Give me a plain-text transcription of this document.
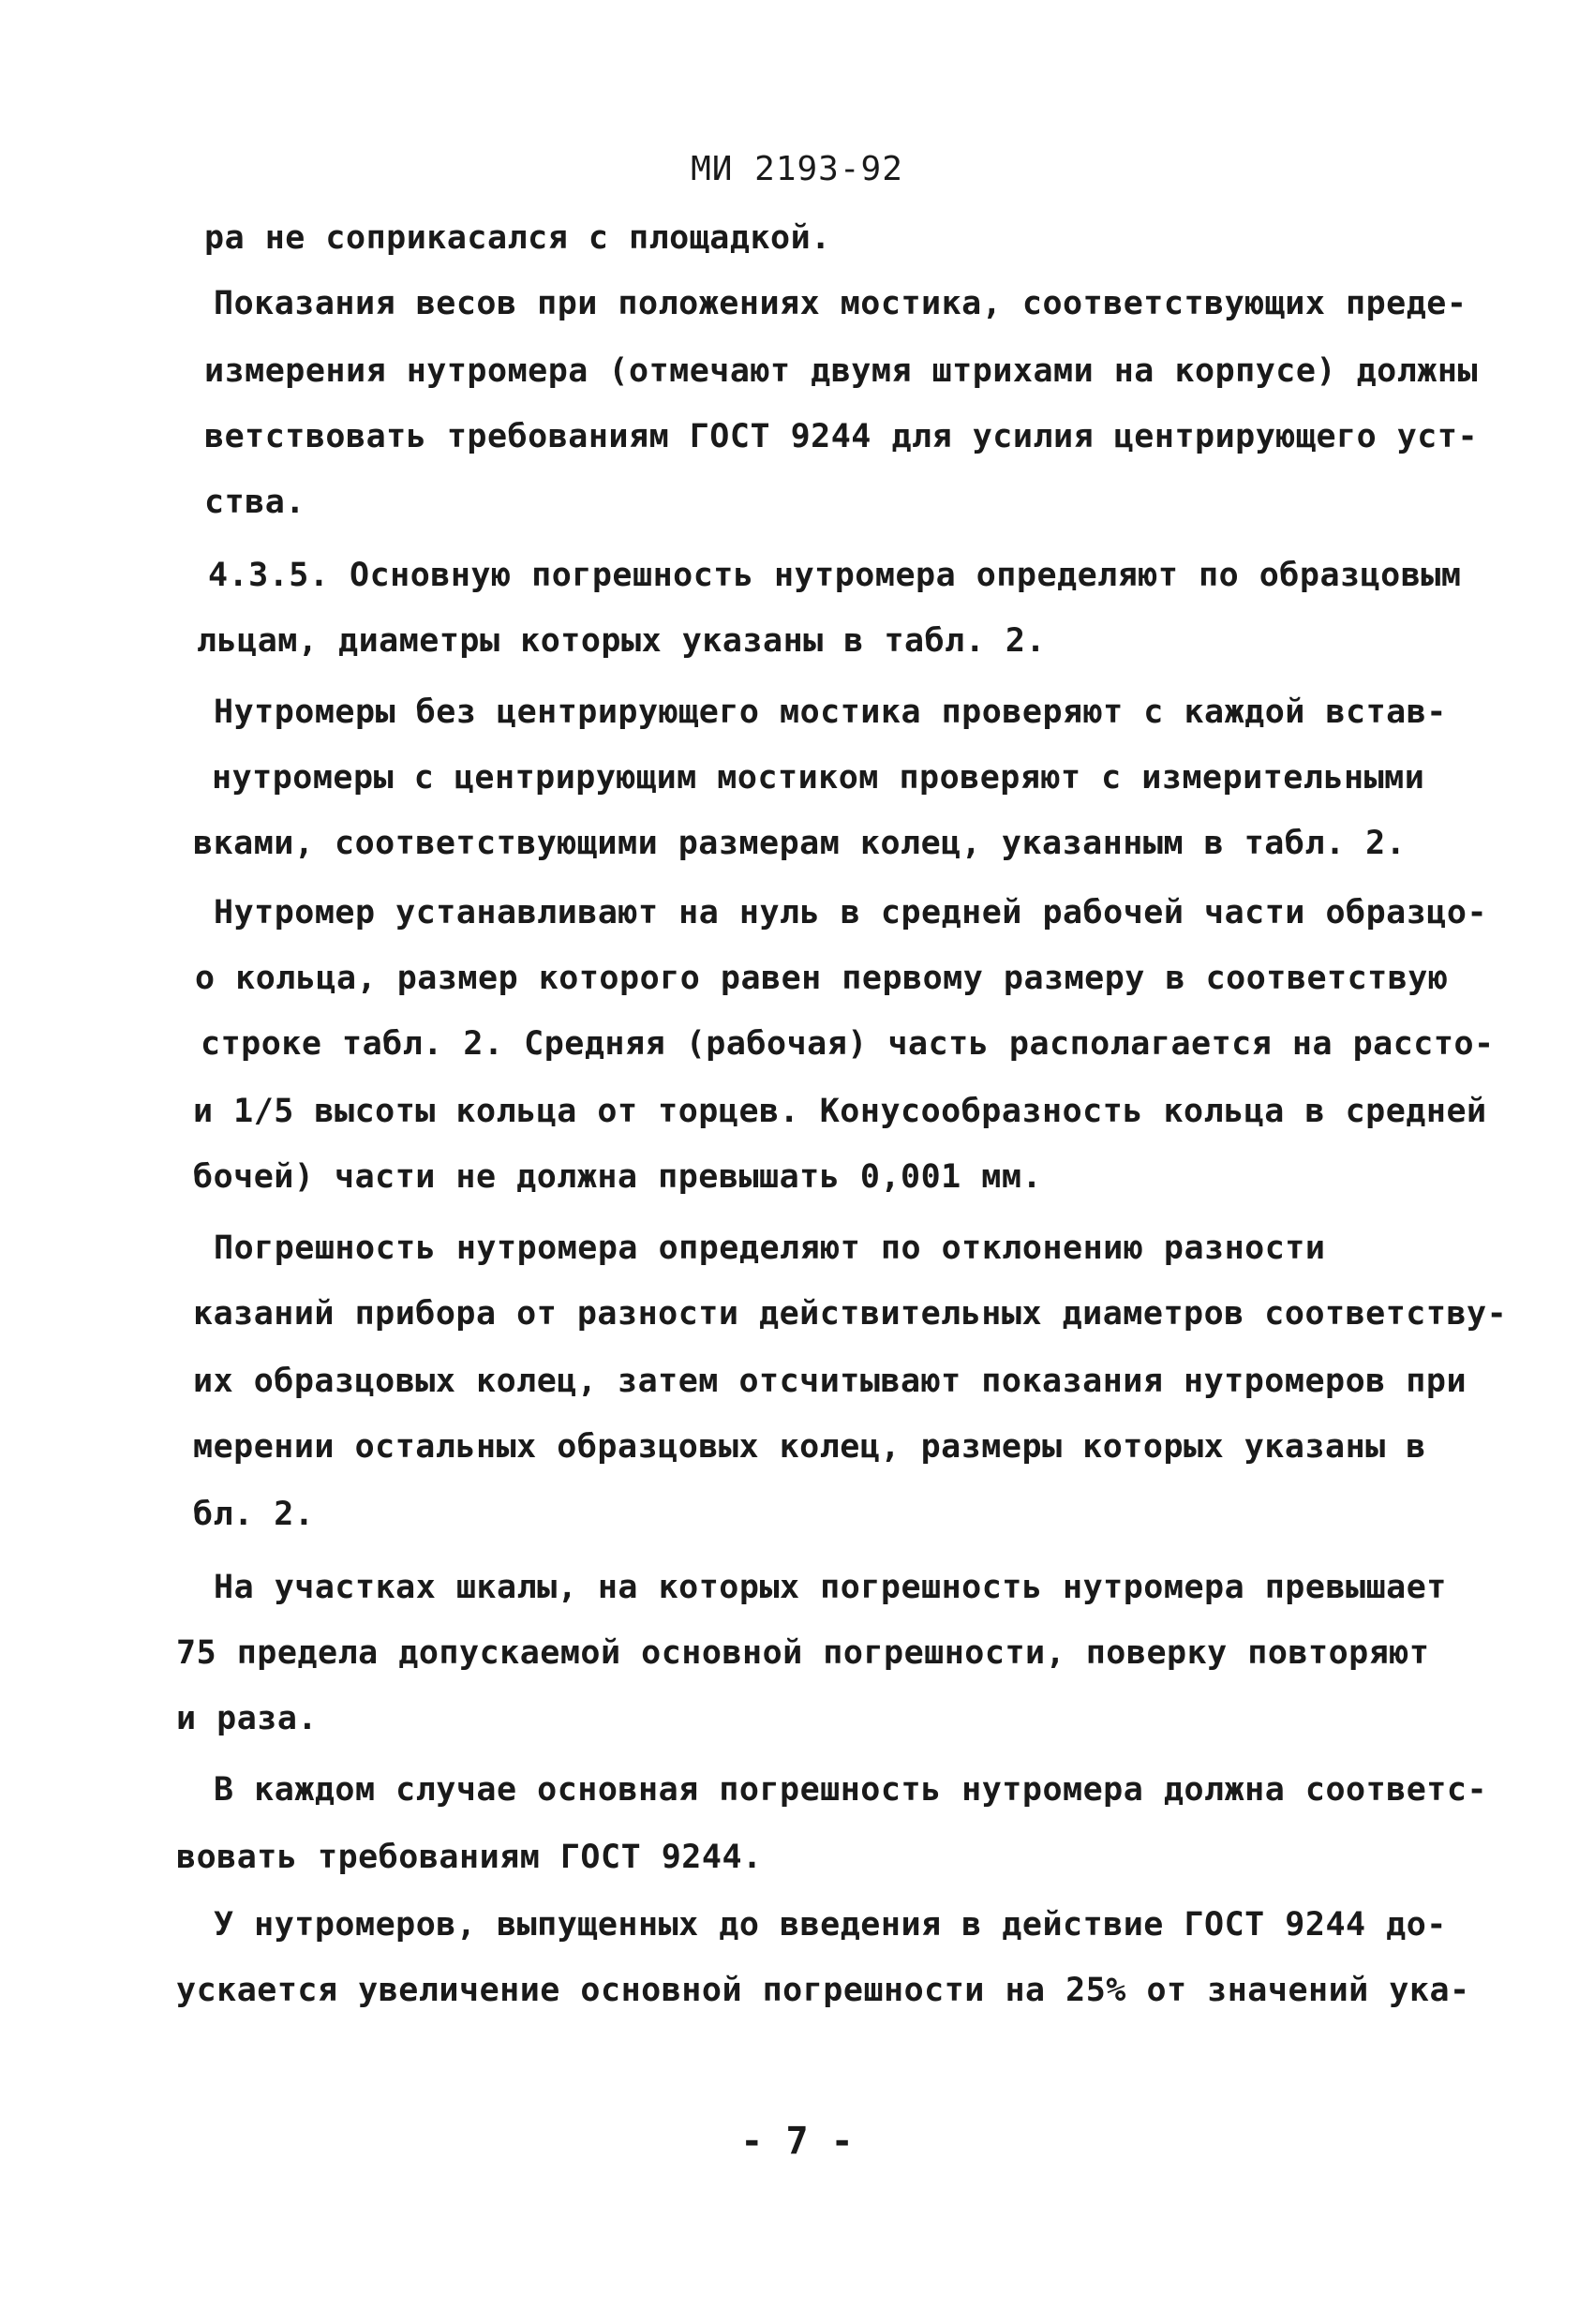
МИ 2193-92
ра не соприкасался с площадкой.
Показания весов при положениях мостика, соответствующих преде-
измерения нутромера (отмечают двумя штрихами на корпусе) должны
ветствовать требованиям ГОСТ 9244 для усилия центрирующего уст-
ства.
4.3.5. Основную погрешность нутромера определяют по образцовым
льцам, диаметры которых указаны в табл. 2.
Нутромеры без центрирующего мостика проверяют с каждой встав-
нутромеры с центрирующим мостиком проверяют с измерительными
вками, соответствующими размерам колец, указанным в табл. 2.
Нутромер устанавливают на нуль в средней рабочей части образцо-
о кольца, размер которого равен первому размеру в соответствую
строке табл. 2. Средняя (рабочая) часть располагается на рассто-
и 1/5 высоты кольца от торцев. Конусообразность кольца в средней
бочей) части не должна превышать 0,001 мм.
Погрешность нутромера определяют по отклонению разности
казаний прибора от разности действительных диаметров соответству-
их образцовых колец, затем отсчитывают показания нутромеров при
мерении остальных образцовых колец, размеры которых указаны в
бл. 2.
На участках шкалы, на которых погрешность нутромера превышает
75 предела допускаемой основной погрешности, поверку повторяют
и раза.
В каждом случае основная погрешность нутромера должна соответс-
вовать требованиям ГОСТ 9244.
У нутромеров, выпущенных до введения в действие ГОСТ 9244 до-
ускается увеличение основной погрешности на 25% от значений ука-
- 7 -
